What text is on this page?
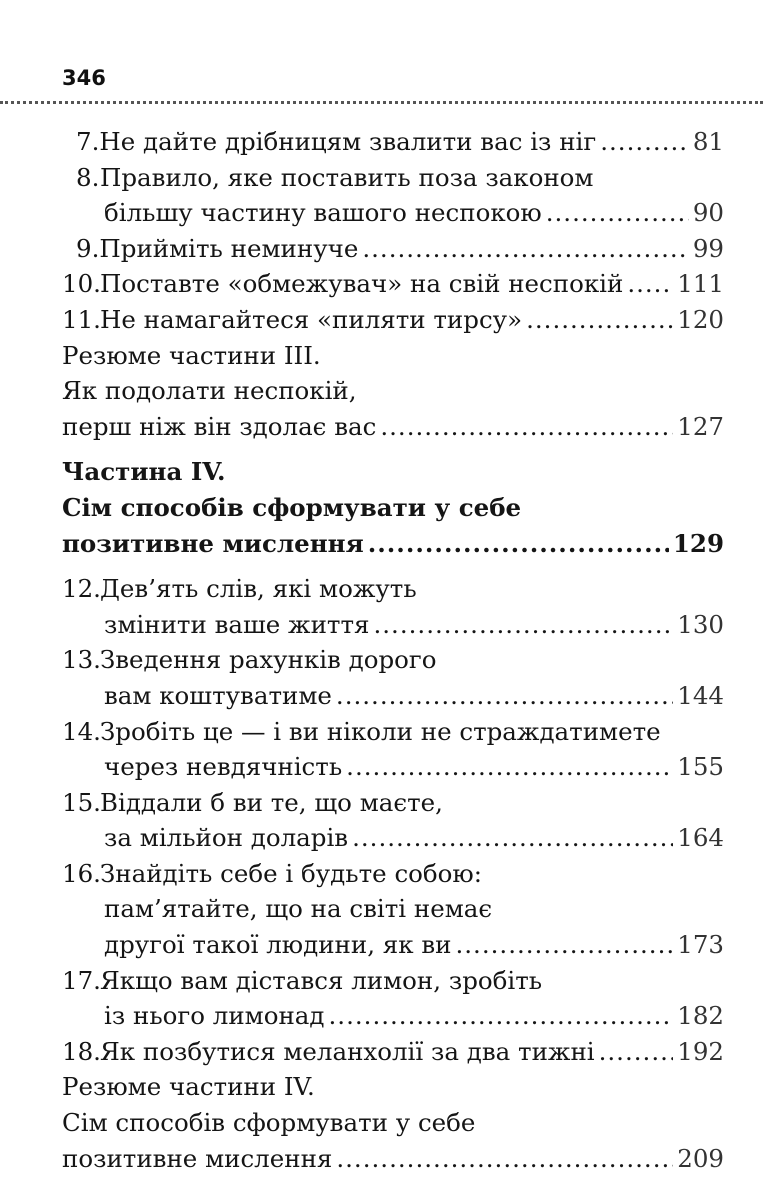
346
7. Не дайте дрібницям звалити вас із ніг .....	81
8. Правило, яке поставить поза законом
більшу частину вашого неспокою .....	90
9. Прийміть неминуче .....	99
10. Поставте «обмежувач» на свій неспокій ..... 111
11. Не намагайтеся «пиляти тирсу» .....	120
Резюме частини III.
Як подолати неспокій,
перш ніж він здолає вас .....	127
Частина IV.
Сім способів сформувати у себе
позитивне мислення .....	129
12. Дев’ять слів, які можуть
змінити ваше життя .....	130
13. Зведення рахунків дорого
вам коштуватиме .....	144
14. Зробіть це — і ви ніколи не страждатимете
через невдячність .....	155
15. Віддали б ви те, що маєте,
за мільйон доларів .....	164
16. Знайдіть себе і будьте собою:
пам’ятайте, що на світі немає
другої такої людини, як ви .....	173
17. Якщо вам дістався лимон, зробіть
із нього лимонад .....	182
18. Як позбутися меланхолії за два тижні .....	192
Резюме частини IV.
Сім способів сформувати у себе
позитивне мислення .....	209
